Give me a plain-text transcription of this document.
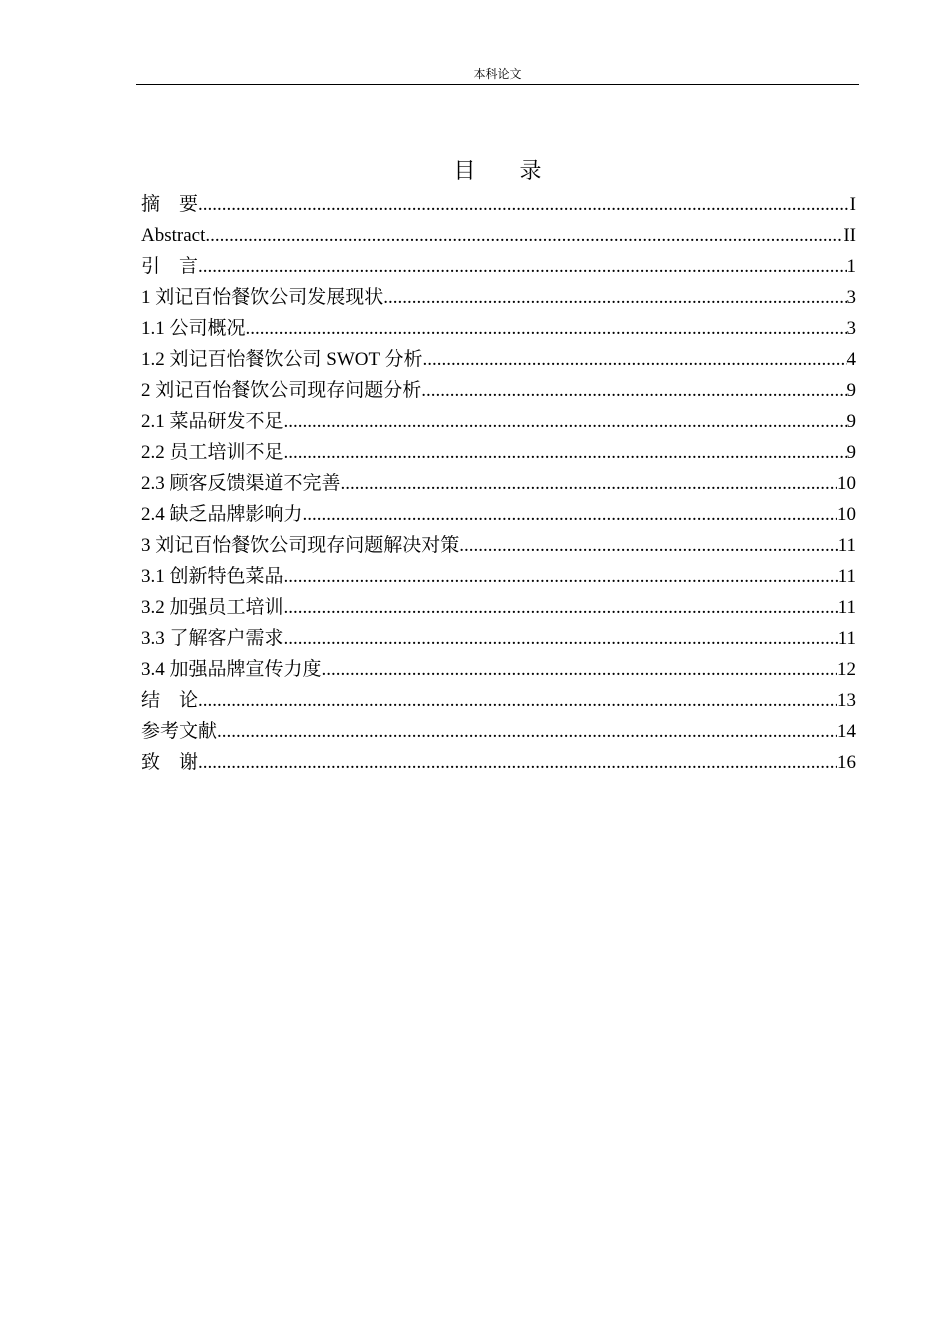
本科论文
目 录
摘　要 .....	I
Abstract .....	II
引　言 .....	1
1 刘记百怡餐饮公司发展现状 .....	3
1.1 公司概况 .....	3
1.2 刘记百怡餐饮公司 SWOT 分析 .....	4
2 刘记百怡餐饮公司现存问题分析 .....	9
2.1 菜品研发不足 .....	9
2.2 员工培训不足 .....	9
2.3 顾客反馈渠道不完善 .....	10
2.4 缺乏品牌影响力 .....	10
3 刘记百怡餐饮公司现存问题解决对策 .....	11
3.1 创新特色菜品 .....	11
3.2 加强员工培训 .....	11
3.3 了解客户需求 .....	11
3.4 加强品牌宣传力度 .....	12
结　论 .....	13
参考文献 .....	14
致　谢 .....	16
